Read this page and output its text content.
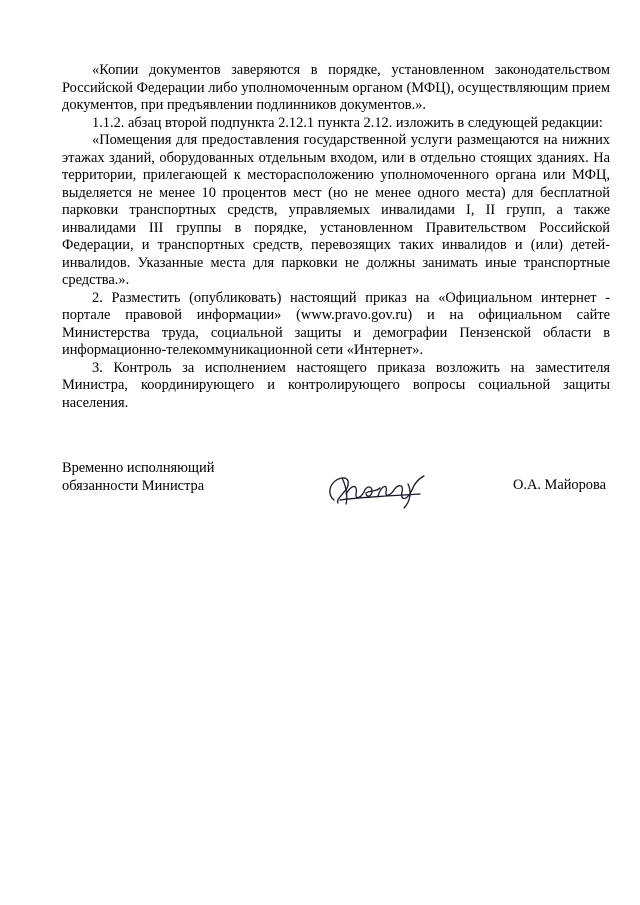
«Копии документов заверяются в порядке, установленном законодательством Российской Федерации либо уполномоченным органом (МФЦ), осуществляющим прием документов, при предъявлении подлинников документов.».

1.1.2. абзац второй подпункта 2.12.1 пункта 2.12. изложить в следующей редакции:

«Помещения для предоставления государственной услуги размещаются на нижних этажах зданий, оборудованных отдельным входом, или в отдельно стоящих зданиях. На территории, прилегающей к месторасположению уполномоченного органа или МФЦ, выделяется не менее 10 процентов мест (но не менее одного места) для бесплатной парковки транспортных средств, управляемых инвалидами I, II групп, а также инвалидами III группы в порядке, установленном Правительством Российской Федерации, и транспортных средств, перевозящих таких инвалидов и (или) детей-инвалидов. Указанные места для парковки не должны занимать иные транспортные средства.».

2. Разместить (опубликовать) настоящий приказ на «Официальном интернет - портале правовой информации» (www.pravo.gov.ru) и на официальном сайте Министерства труда, социальной защиты и демографии Пензенской области в информационно-телекоммуникационной сети «Интернет».

3. Контроль за исполнением настоящего приказа возложить на заместителя Министра, координирующего и контролирующего вопросы социальной защиты населения.

Временно исполняющий
обязанности Министра	О.А. Майорова
